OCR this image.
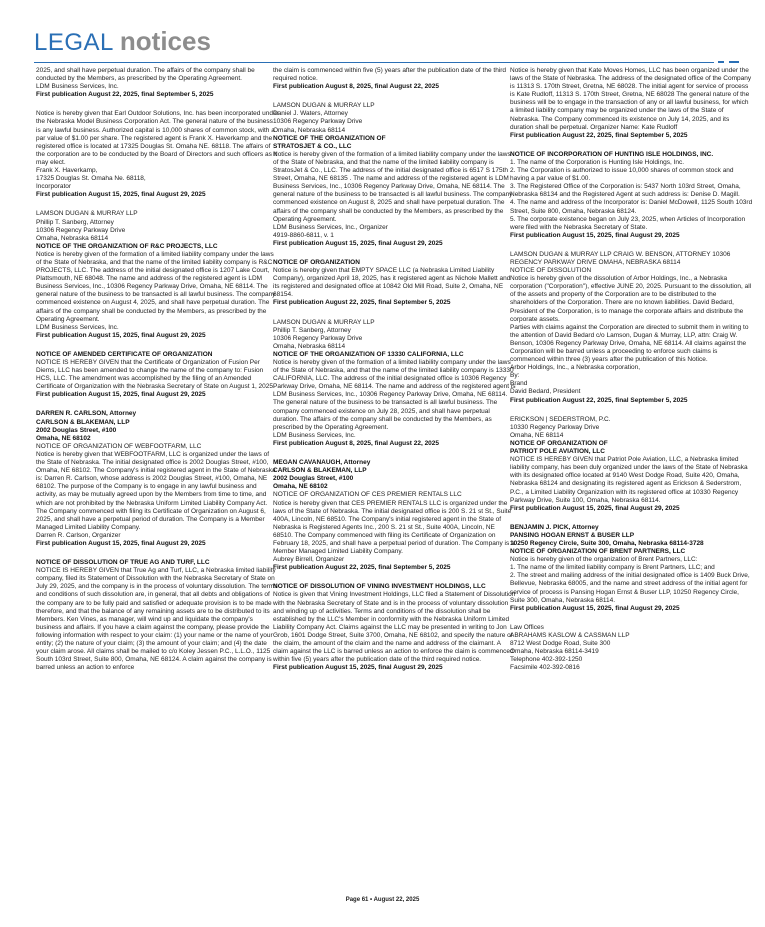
LEGAL notices

2025, and shall have perpetual duration. The affairs of the company shall be conducted by the Members, as prescribed by the Operating Agreement.

LDM Business Services, Inc.

First publication August 22, 2025, final September 5, 2025

Notice is hereby given that Earl Outdoor Solutions, Inc. has been incorporated under the Nebraska Model Business Corporation Act. The general nature of the business is any lawful business. Authorized capital is 10,000 shares of common stock, with a par value of $1.00 per share. The registered agent is Frank X. Haverkamp and the registered office is located at 17325 Douglas St. Omaha NE. 68118. The affairs of the corporation are to be conducted by the Board of Directors and such officers as it may elect.

Frank X. Haverkamp,

17325 Douglas St. Omaha Ne. 68118,

Incorporator

First publication August 15, 2025, final August 29, 2025

LAMSON DUGAN & MURRAY LLP

Phillip T. Sanberg, Attorney

10306 Regency Parkway Drive

Omaha, Nebraska 68114

NOTICE OF THE ORGANIZATION OF R&C PROJECTS, LLC

Notice is hereby given of the formation of a limited liability company under the laws of the State of Nebraska, and that the name of the limited liability company is R&C PROJECTS, LLC. The address of the initial designated office is 1207 Lake Court, Plattsmouth, NE 68048. The name and address of the registered agent is LDM Business Services, Inc., 10306 Regency Parkway Drive, Omaha, NE 68114. The general nature of the business to be transacted is all lawful business. The company commenced existence on August 4, 2025, and shall have perpetual duration. The affairs of the company shall be conducted by the Members, as prescribed by the Operating Agreement.

LDM Business Services, Inc.

First publication August 15, 2025, final August 29, 2025

NOTICE OF AMENDED CERTIFICATE OF ORGANIZATION

NOTICE IS HEREBY GIVEN that the Certificate of Organization of Fusion Per Diems, LLC has been amended to change the name of the company to: Fusion HCS, LLC. The amendment was accomplished by the filing of an Amended Certificate of Organization with the Nebraska Secretary of State on August 1, 2025.

First publication August 15, 2025, final August 29, 2025

DARREN R. CARLSON, Attorney

CARLSON & BLAKEMAN, LLP

2002 Douglas Street, #100

Omaha, NE 68102

NOTICE OF ORGANIZATION OF WEBFOOTFARM, LLC

Notice is hereby given that WEBFOOTFARM, LLC is organized under the laws of the State of Nebraska. The initial designated office is 2002 Douglas Street, #100, Omaha, NE 68102. The Company's initial registered agent in the State of Nebraska is: Darren R. Carlson, whose address is 2002 Douglas Street, #100, Omaha, NE 68102. The purpose of the Company is to engage in any lawful business and activity, as may be mutually agreed upon by the Members from time to time, and which are not prohibited by the Nebraska Uniform Limited Liability Company Act. The Company commenced with filing its Certificate of Organization on August 6, 2025, and shall have a perpetual period of duration. The Company is a Member Managed Limited Liability Company.

Darren R. Carlson, Organizer

First publication August 15, 2025, final August 29, 2025

NOTICE OF DISSOLUTION OF TRUE AG AND TURF, LLC

NOTICE IS HEREBY GIVEN that True Ag and Turf, LLC, a Nebraska limited liability company, filed its Statement of Dissolution with the Nebraska Secretary of State on July 29, 2025, and the company is in the process of voluntary dissolution. The terms and conditions of such dissolution are, in general, that all debts and obligations of the company are to be fully paid and satisfied or adequate provision is to be made therefore, and that the balance of any remaining assets are to be distributed to its Members. Ken Vines, as manager, will wind up and liquidate the company's business and affairs. If you have a claim against the company, please provide the following information with respect to your claim: (1) your name or the name of your entity; (2) the nature of your claim; (3) the amount of your claim; and (4) the date your claim arose. All claims shall be mailed to c/o Koley Jessen P.C., L.L.O., 1125 South 103rd Street, Suite 800, Omaha, NE 68124. A claim against the company is barred unless an action to enforce

the claim is commenced within five (5) years after the publication date of the third required notice.

First publication August 8, 2025, final August 22, 2025

LAMSON DUGAN & MURRAY LLP

Daniel J. Waters, Attorney

10306 Regency Parkway Drive

Omaha, Nebraska 68114

NOTICE OF THE ORGANIZATION OF

STRATOSJET & CO., LLC

Notice is hereby given of the formation of a limited liability company under the laws of the State of Nebraska, and that the name of the limited liability company is StratosJet & Co., LLC. The address of the initial designated office is 6517 S 175th Street, Omaha, NE 68135 . The name and address of the registered agent is LDM Business Services, Inc., 10306 Regency Parkway Drive, Omaha, NE 68114. The general nature of the business to be transacted is all lawful business. The company commenced existence on August 8, 2025 and shall have perpetual duration. The affairs of the company shall be conducted by the Members, as prescribed by the Operating Agreement.

LDM Business Services, Inc., Organizer

4919-8860-6811, v. 1

First publication August 15, 2025, final August 29, 2025

NOTICE OF ORGANIZATION

Notice is hereby given that EMPTY SPACE LLC (a Nebraska Limited Liability Company), organized April 18, 2025, has it registered agent as Nichole Mallett and its registered and designated office at 10842 Old Mill Road, Suite 2, Omaha, NE 68154.

First publication August 22, 2025, final September 5, 2025

LAMSON DUGAN & MURRAY LLP

Phillip T. Sanberg, Attorney

10306 Regency Parkway Drive

Omaha, Nebraska 68114

NOTICE OF THE ORGANIZATION OF 13330 CALIFORNIA, LLC

Notice is hereby given of the formation of a limited liability company under the laws of the State of Nebraska, and that the name of the limited liability company is 13330 CALIFORNIA, LLC. The address of the initial designated office is 10306 Regency Parkway Drive, Omaha, NE 68114. The name and address of the registered agent is LDM Business Services, Inc., 10306 Regency Parkway Drive, Omaha, NE 68114. The general nature of the business to be transacted is all lawful business. The company commenced existence on July 28, 2025, and shall have perpetual duration. The affairs of the company shall be conducted by the Members, as prescribed by the Operating Agreement.

LDM Business Services, Inc.

First publication August 8, 2025, final August 22, 2025

MEGAN CAVANAUGH, Attorney

CARLSON & BLAKEMAN, LLP

2002 Douglas Street, #100

Omaha, NE 68102

NOTICE OF ORGANIZATION OF CES PREMIER RENTALS LLC

Notice is hereby given that CES PREMIER RENTALS LLC is organized under the laws of the State of Nebraska. The initial designated office is 200 S. 21 st St., Suite 400A, Lincoln, NE 68510. The Company's initial registered agent in the State of Nebraska is Registered Agents Inc., 200 S. 21 st St., Suite 400A, Lincoln, NE 68510. The Company commenced with filing its Certificate of Organization on February 18, 2025, and shall have a perpetual period of duration. The Company is a Member Managed Limited Liability Company.

Aubrey Birrell, Organizer

First publication August 22, 2025, final September 5, 2025

NOTICE OF DISSOLUTION OF VINING INVESTMENT HOLDINGS, LLC

Notice is given that Vining Investment Holdings, LLC filed a Statement of Dissolution with the Nebraska Secretary of State and is in the process of voluntary dissolution and winding up of activities. Terms and conditions of the dissolution shall be established by the LLC's Member in conformity with the Nebraska Uniform Limited Liability Company Act. Claims against the LLC may be presented in writing to Jon Grob, 1601 Dodge Street, Suite 3700, Omaha, NE 68102, and specify the nature of the claim, the amount of the claim and the name and address of the claimant. A claim against the LLC is barred unless an action to enforce the claim is commenced within five (5) years after the publication date of the third required notice.

First publication August 15, 2025, final August 29, 2025

Notice is hereby given that Kate Moves Homes, LLC has been organized under the laws of the State of Nebraska. The address of the designated office of the Company is 11313 S. 170th Street, Gretna, NE 68028. The initial agent for service of process is Kate Rudloff, 11313 S. 170th Street, Gretna, NE 68028 The general nature of the business will be to engage in the transaction of any or all lawful business, for which a limited liability company may be organized under the laws of the State of Nebraska. The Company commenced its existence on July 14, 2025, and its duration shall be perpetual. Organizer Name: Kate Rudloff

First publication August 22, 2025, final September 5, 2025

NOTICE OF INCORPORATION OF HUNTING ISLE HOLDINGS, INC.

1. The name of the Corporation is Hunting Isle Holdings, Inc.

2. The Corporation is authorized to issue 10,000 shares of common stock and having a par value of $1.00.

3. The Registered Office of the Corporation is: 5437 North 103rd Street, Omaha, Nebraska 68134 and the Registered Agent at such address is: Denise D. Magill.

4. The name and address of the Incorporator is: Daniel McDowell, 1125 South 103rd Street, Suite 800, Omaha, Nebraska 68124.

5. The corporate existence began on July 23, 2025, when Articles of Incorporation were filed with the Nebraska Secretary of State.

First publication August 15, 2025, final August 29, 2025

LAMSON DUGAN & MURRAY LLP CRAIG W. BENSON, ATTORNEY 10306 REGENCY PARKWAY DRIVE OMAHA, NEBRASKA 68114

NOTICE OF DISSOLUTION

Notice is hereby given of the dissolution of Arbor Holdings, Inc., a Nebraska corporation ("Corporation"), effective JUNE 20, 2025. Pursuant to the dissolution, all of the assets and property of the Corporation are to be distributed to the shareholders of the Corporation. There are no known liabilities. David Bedard, President of the Corporation, is to manage the corporate affairs and distribute the corporate assets.

Parties with claims against the Corporation are directed to submit them in writing to the attention of David Bedard c/o Lamson, Dugan & Murray, LLP, attn: Craig W. Benson, 10306 Regency Parkway Drive, Omaha, NE 68114. All claims against the Corporation will be barred unless a proceeding to enforce such claims is commenced within three (3) years after the publication of this Notice.

Arbor Holdings, Inc., a Nebraska corporation,

By:

Brand

David Bedard, President

First publication August 22, 2025, final September 5, 2025

ERICKSON | SEDERSTROM, P.C.

10330 Regency Parkway Drive

Omaha, NE 68114

NOTICE OF ORGANIZATION OF

PATRIOT POLE AVIATION, LLC

NOTICE IS HEREBY GIVEN that Patriot Pole Aviation, LLC, a Nebraska limited liability company, has been duly organized under the laws of the State of Nebraska with its designated office located at 9140 West Dodge Road, Suite 420, Omaha, Nebraska 68124 and designating its registered agent as Erickson & Sederstrom, P.C., a Limited Liability Organization with its registered office at 10330 Regency Parkway Drive, Suite 100, Omaha, Nebraska 68114.

First publication August 15, 2025, final August 29, 2025

BENJAMIN J. PICK, Attorney

PANSING HOGAN ERNST & BUSER LLP

10250 Regency Circle, Suite 300, Omaha, Nebraska 68114-3728

NOTICE OF ORGANIZATION OF BRENT PARTNERS, LLC

Notice is hereby given of the organization of Brent Partners, LLC:

1. The name of the limited liability company is Brent Partners, LLC; and

2. The street and mailing address of the initial designated office is 1409 Buck Drive, Bellevue, Nebraska 68005, and the name and street address of the initial agent for service of process is Pansing Hogan Ernst & Buser LLP, 10250 Regency Circle, Suite 300, Omaha, Nebraska 68114.

First publication August 15, 2025, final August 29, 2025

Law Offices

ABRAHAMS KASLOW & CASSMAN LLP

8712 West Dodge Road, Suite 300

Omaha, Nebraska 68114-3419

Telephone 402-392-1250

Facsimile 402-392-0816

Page 61 • August 22, 2025
